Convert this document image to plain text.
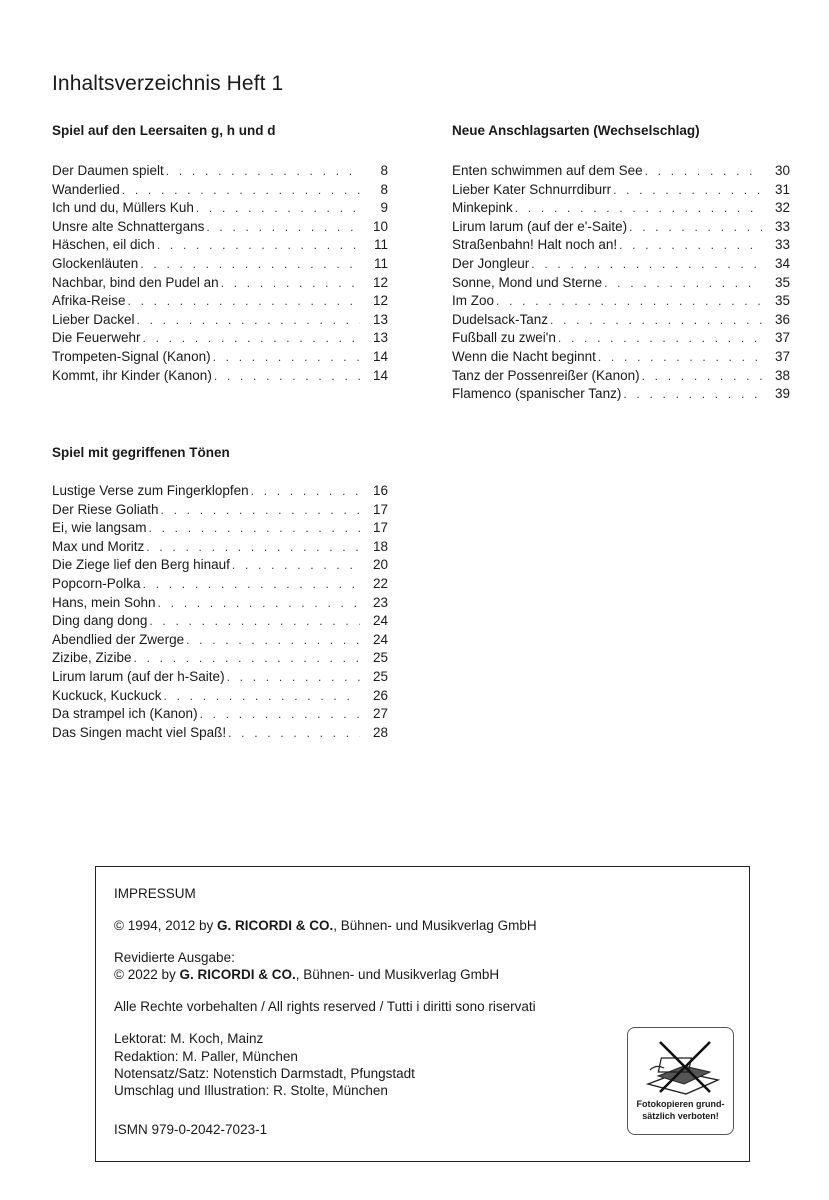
Inhaltsverzeichnis Heft 1
Spiel auf den Leersaiten g, h und d
Der Daumen spielt . . .	8
Wanderlied . . .	8
Ich und du, Müllers Kuh . . .	9
Unsre alte Schnattergans . . .	10
Häschen, eil dich . . .	11
Glockenläuten . . .	11
Nachbar, bind den Pudel an . . .	12
Afrika-Reise . . .	12
Lieber Dackel . . .	13
Die Feuerwehr . . .	13
Trompeten-Signal (Kanon) . . .	14
Kommt, ihr Kinder (Kanon) . . .	14
Spiel mit gegriffenen Tönen
Lustige Verse zum Fingerklopfen . . .	16
Der Riese Goliath . . .	17
Ei, wie langsam . . .	17
Max und Moritz . . .	18
Die Ziege lief den Berg hinauf . . .	20
Popcorn-Polka . . .	22
Hans, mein Sohn . . .	23
Ding dang dong . . .	24
Abendlied der Zwerge . . .	24
Zizibe, Zizibe . . .	25
Lirum larum (auf der h-Saite) . . .	25
Kuckuck, Kuckuck . . .	26
Da strampel ich (Kanon) . . .	27
Das Singen macht viel Spaß! . . .	28
Neue Anschlagsarten (Wechselschlag)
Enten schwimmen auf dem See . . .	30
Lieber Kater Schnurrdiburr . . .	31
Minkepink . . .	32
Lirum larum (auf der e'-Saite) . . .	33
Straßenbahn! Halt noch an! . . .	33
Der Jongleur . . .	34
Sonne, Mond und Sterne . . .	35
Im Zoo . . .	35
Dudelsack-Tanz . . .	36
Fußball zu zwei'n . . .	37
Wenn die Nacht beginnt . . .	37
Tanz der Possenreißer (Kanon) . . .	38
Flamenco (spanischer Tanz) . . .	39
IMPRESSUM
© 1994, 2012 by G. RICORDI & CO., Bühnen- und Musikverlag GmbH
Revidierte Ausgabe:
© 2022 by G. RICORDI & CO., Bühnen- und Musikverlag GmbH
Alle Rechte vorbehalten / All rights reserved / Tutti i diritti sono riservati
Lektorat: M. Koch, Mainz
Redaktion: M. Paller, München
Notensatz/Satz: Notenstich Darmstadt, Pfungstadt
Umschlag und Illustration: R. Stolte, München
ISMN 979-0-2042-7023-1
Fotokopieren grund-
sätzlich verboten!
